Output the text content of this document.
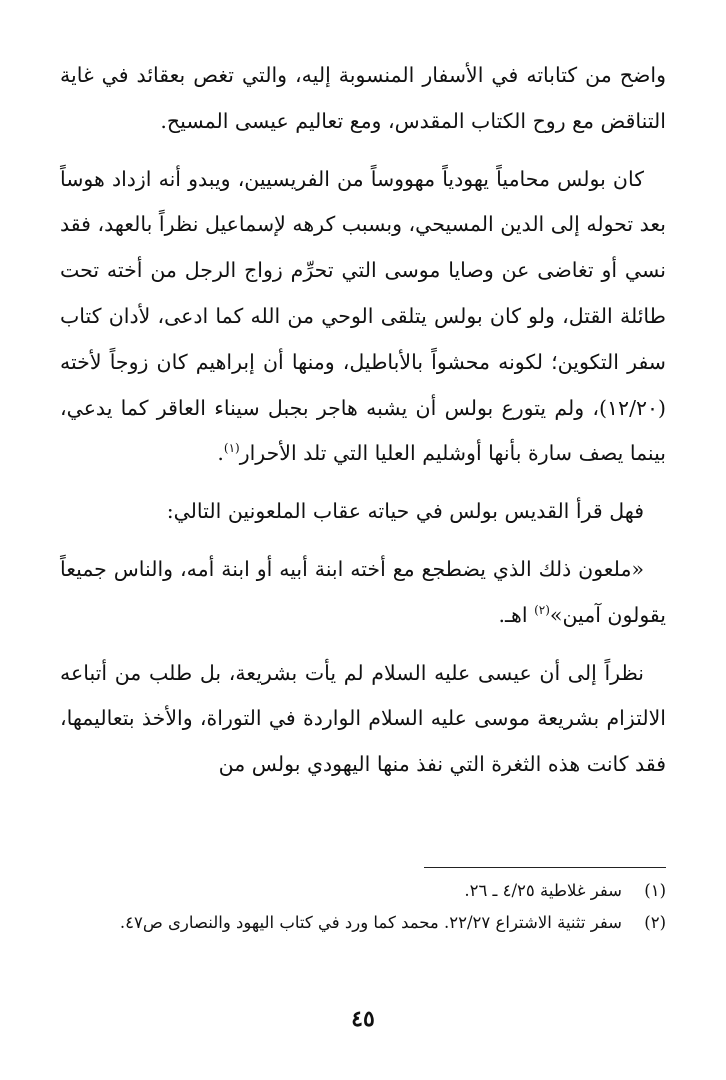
واضح من كتاباته في الأسفار المنسوبة إليه، والتي تغص بعقائد في غاية التناقض مع روح الكتاب المقدس، ومع تعاليم عيسى المسيح.

كان بولس محامياً يهودياً مهووساً من الفريسيين، ويبدو أنه ازداد هوساً بعد تحوله إلى الدين المسيحي، وبسبب كرهه لإسماعيل نظراً بالعهد، فقد نسي أو تغاضى عن وصايا موسى التي تحرِّم زواج الرجل من أخته تحت طائلة القتل، ولو كان بولس يتلقى الوحي من الله كما ادعى، لأدان كتاب سفر التكوين؛ لكونه محشواً بالأباطيل، ومنها أن إبراهيم كان زوجاً لأخته (١٢/٢٠)، ولم يتورع بولس أن يشبه هاجر بجبل سيناء العاقر كما يدعي، بينما يصف سارة بأنها أوشليم العليا التي تلد الأحرار$^{(١)}$.

فهل قرأ القديس بولس في حياته عقاب الملعونين التالي:

«ملعون ذلك الذي يضطجع مع أخته ابنة أبيه أو ابنة أمه، والناس جميعاً يقولون آمين»$^{(٢)}$ اهـ.

نظراً إلى أن عيسى عليه السلام لم يأت بشريعة، بل طلب من أتباعه الالتزام بشريعة موسى عليه السلام الواردة في التوراة، والأخذ بتعاليمها، فقد كانت هذه الثغرة التي نفذ منها اليهودي بولس من

(١)
سفر غلاطية ٤/٢٥ ـ ٢٦.
(٢)
سفر تثنية الاشتراع ٢٢/٢٧. محمد كما ورد في كتاب اليهود والنصارى ص٤٧.
٤٥
